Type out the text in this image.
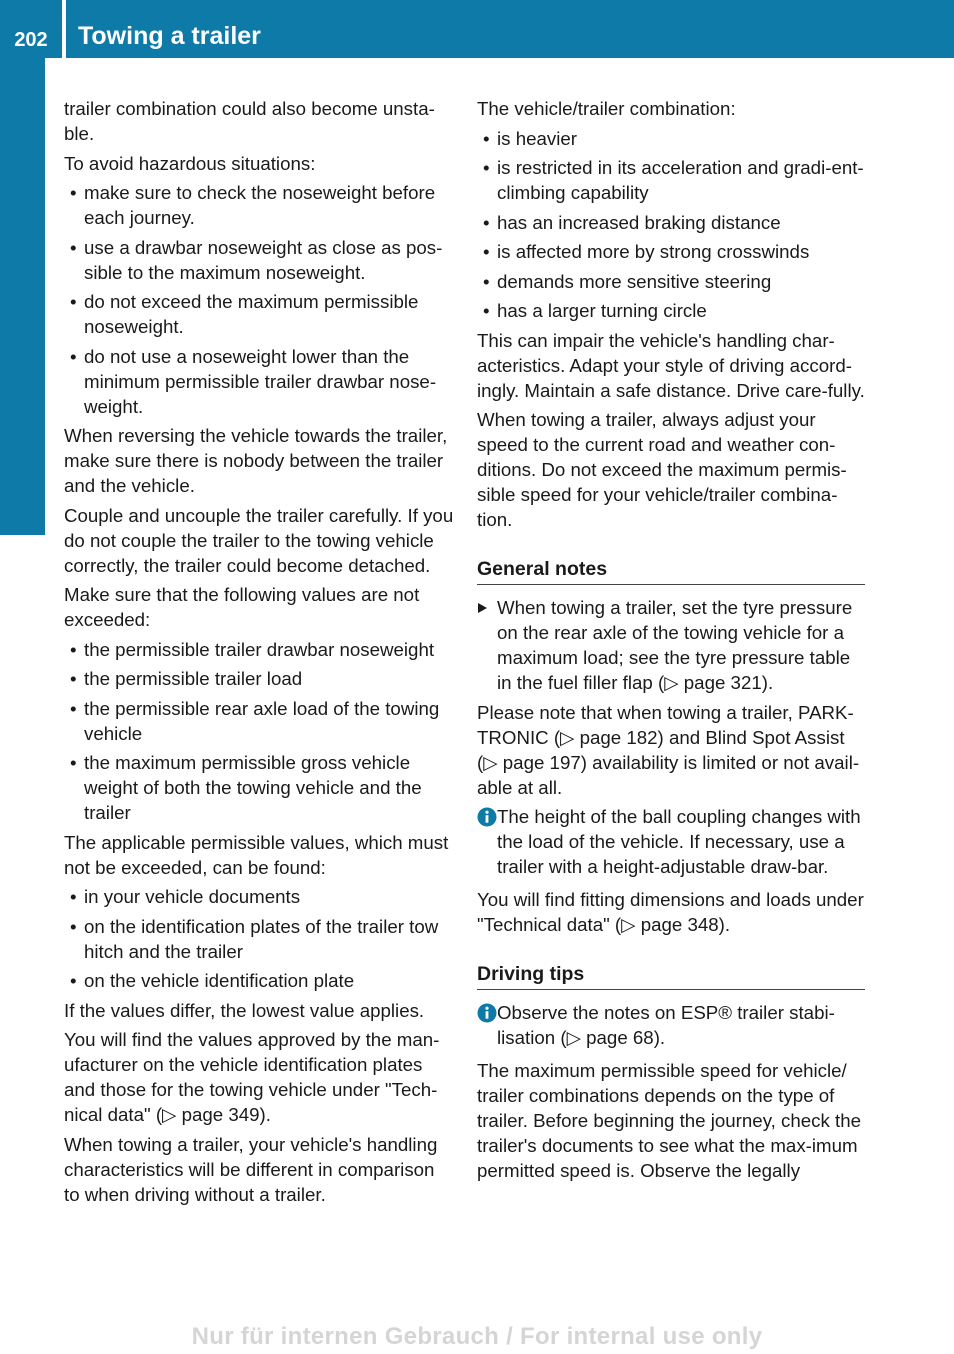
202	Towing a trailer
Driving and parking

trailer combination could also become unsta-ble.

To avoid hazardous situations:

• make sure to check the noseweight before each journey.
• use a drawbar noseweight as close as pos-sible to the maximum noseweight.
• do not exceed the maximum permissible noseweight.
• do not use a noseweight lower than the minimum permissible trailer drawbar nose-weight.

When reversing the vehicle towards the trailer, make sure there is nobody between the trailer and the vehicle.

Couple and uncouple the trailer carefully. If you do not couple the trailer to the towing vehicle correctly, the trailer could become detached.

Make sure that the following values are not exceeded:

• the permissible trailer drawbar noseweight
• the permissible trailer load
• the permissible rear axle load of the towing vehicle
• the maximum permissible gross vehicle weight of both the towing vehicle and the trailer

The applicable permissible values, which must not be exceeded, can be found:

• in your vehicle documents
• on the identification plates of the trailer tow hitch and the trailer
• on the vehicle identification plate

If the values differ, the lowest value applies.

You will find the values approved by the man-ufacturer on the vehicle identification plates and those for the towing vehicle under "Tech-nical data" (▷ page 349).

When towing a trailer, your vehicle's handling characteristics will be different in comparison to when driving without a trailer.

The vehicle/trailer combination:

• is heavier
• is restricted in its acceleration and gradi-ent-climbing capability
• has an increased braking distance
• is affected more by strong crosswinds
• demands more sensitive steering
• has a larger turning circle

This can impair the vehicle's handling char-acteristics. Adapt your style of driving accord-ingly. Maintain a safe distance. Drive care-fully.

When towing a trailer, always adjust your speed to the current road and weather con-ditions. Do not exceed the maximum permis-sible speed for your vehicle/trailer combina-tion.

General notes
When towing a trailer, set the tyre pressure on the rear axle of the towing vehicle for a maximum load; see the tyre pressure table in the fuel filler flap (▷ page 321).

Please note that when towing a trailer, PARK-TRONIC (▷ page 182) and Blind Spot Assist (▷ page 197) availability is limited or not avail-able at all.

The height of the ball coupling changes with the load of the vehicle. If necessary, use a trailer with a height-adjustable draw-bar.

You will find fitting dimensions and loads under "Technical data" (▷ page 348).

Driving tips
Observe the notes on ESP® trailer stabi-lisation (▷ page 68).

The maximum permissible speed for vehicle/ trailer combinations depends on the type of trailer. Before beginning the journey, check the trailer's documents to see what the max-imum permitted speed is. Observe the legally

Nur für internen Gebrauch / For internal use only
